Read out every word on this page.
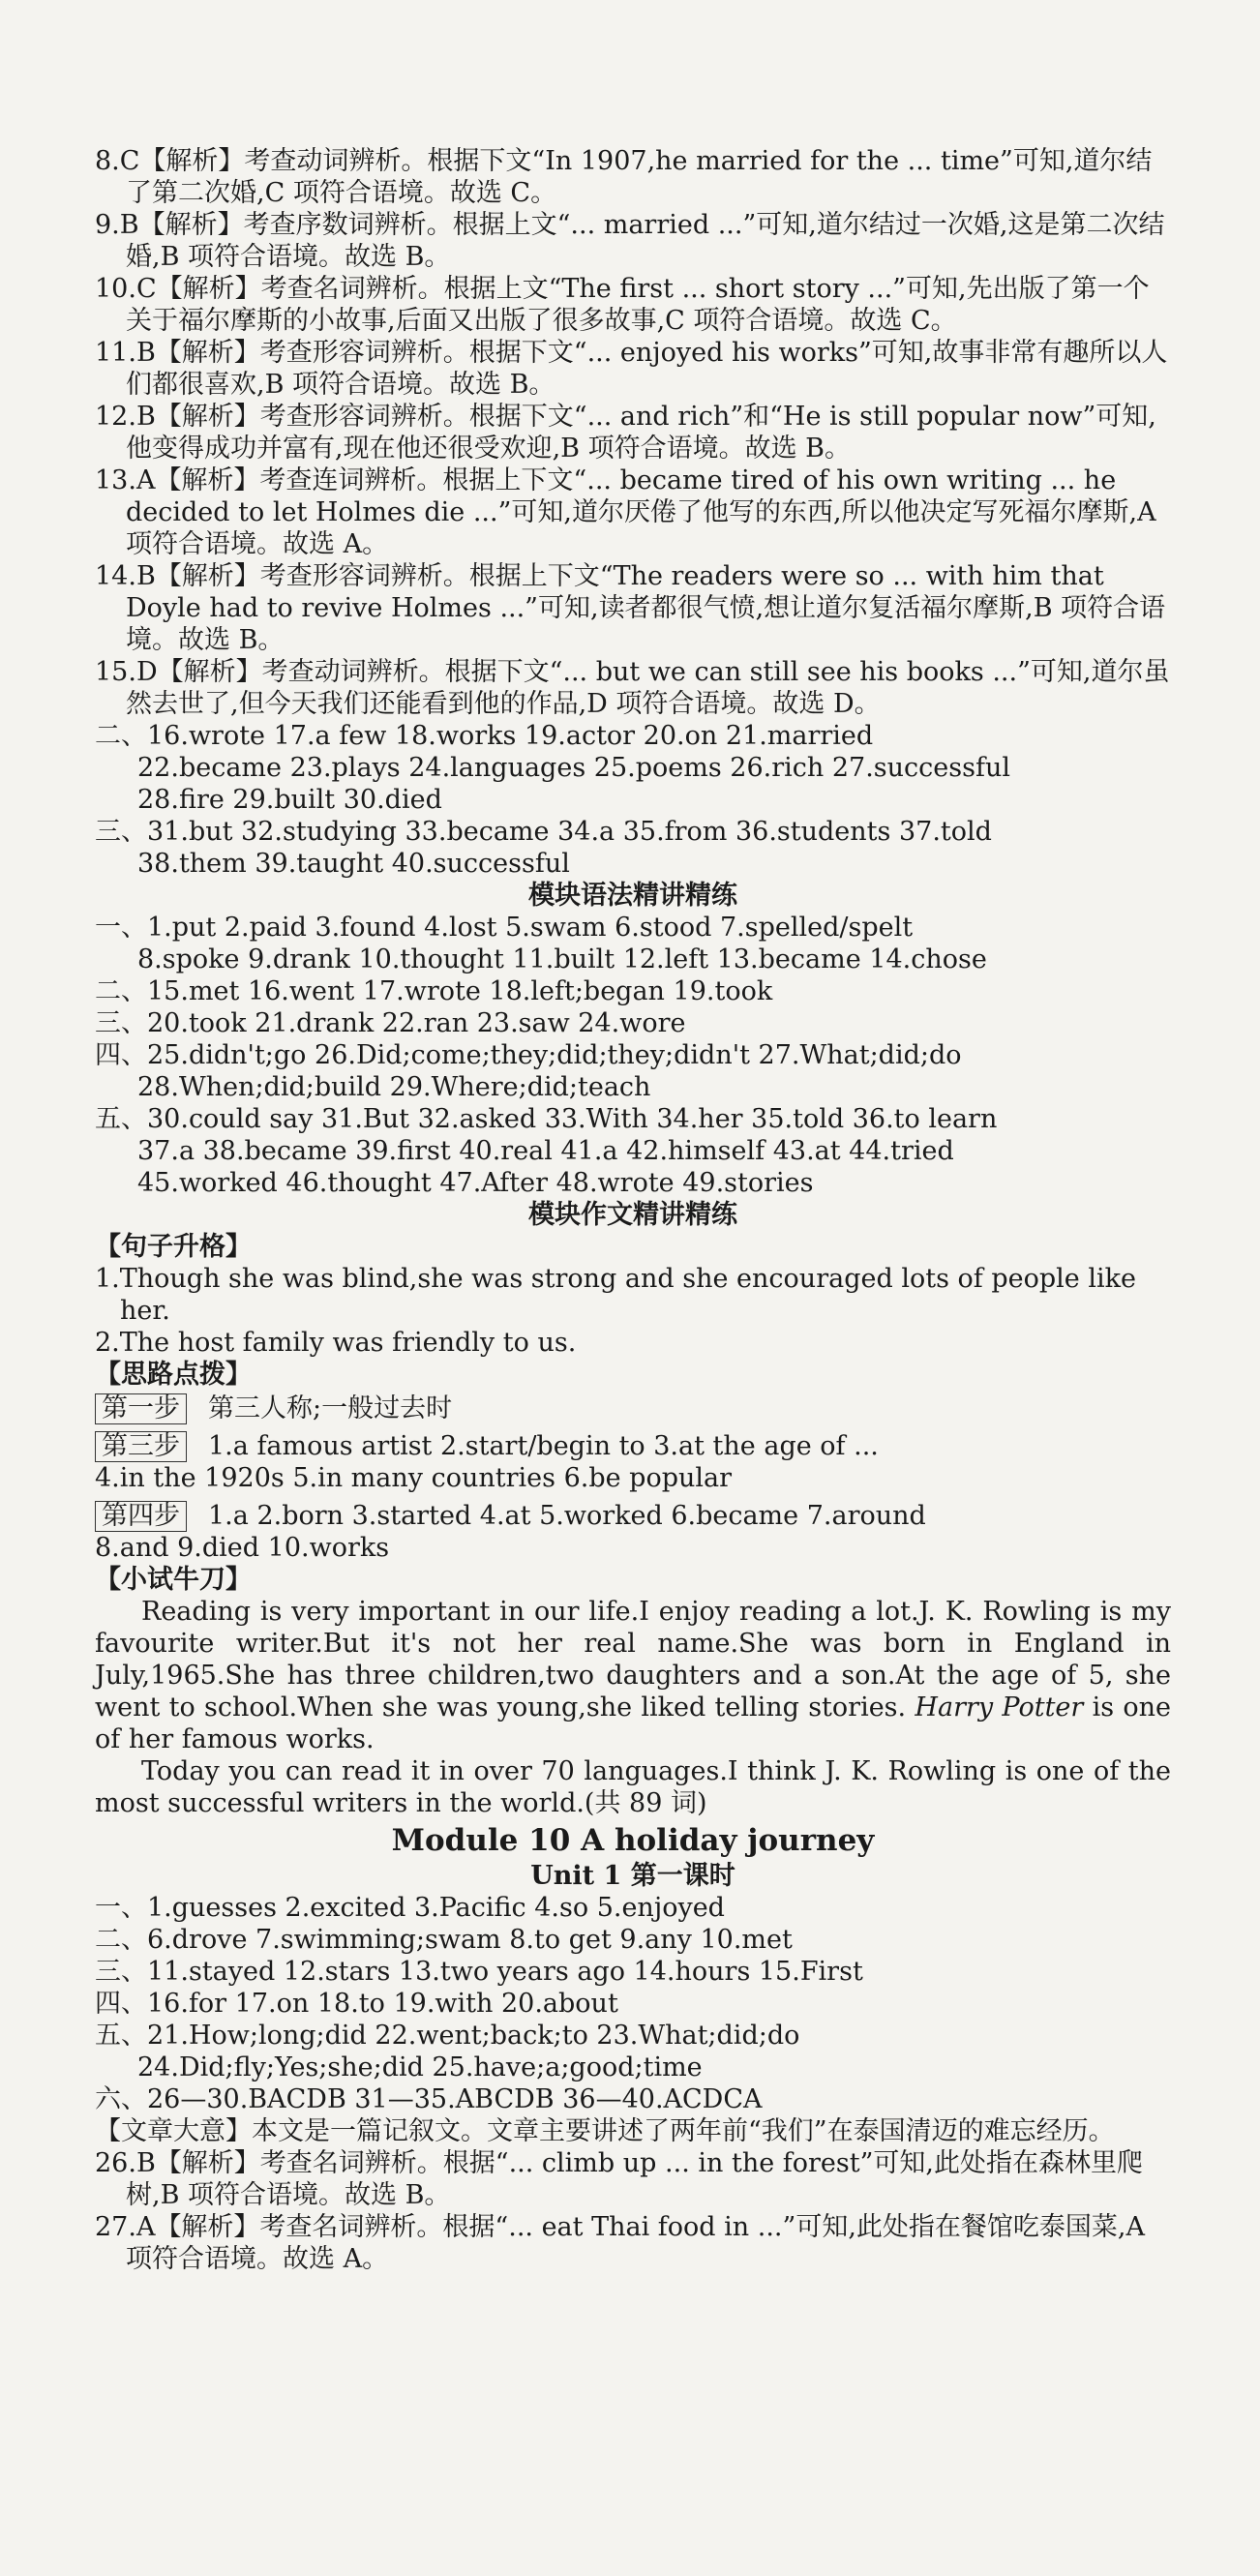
8.C【解析】考查动词辨析。根据下文“In 1907,he married for the ... time”可知,道尔结了第二次婚,C 项符合语境。故选 C。

9.B【解析】考查序数词辨析。根据上文“... married ...”可知,道尔结过一次婚,这是第二次结婚,B 项符合语境。故选 B。

10.C【解析】考查名词辨析。根据上文“The first ... short story ...”可知,先出版了第一个关于福尔摩斯的小故事,后面又出版了很多故事,C 项符合语境。故选 C。

11.B【解析】考查形容词辨析。根据下文“... enjoyed his works”可知,故事非常有趣所以人们都很喜欢,B 项符合语境。故选 B。

12.B【解析】考查形容词辨析。根据下文“... and rich”和“He is still popular now”可知,他变得成功并富有,现在他还很受欢迎,B 项符合语境。故选 B。

13.A【解析】考查连词辨析。根据上下文“... became tired of his own writing ... he decided to let Holmes die ...”可知,道尔厌倦了他写的东西,所以他决定写死福尔摩斯,A 项符合语境。故选 A。

14.B【解析】考查形容词辨析。根据上下文“The readers were so ... with him that Doyle had to revive Holmes ...”可知,读者都很气愤,想让道尔复活福尔摩斯,B 项符合语境。故选 B。

15.D【解析】考查动词辨析。根据下文“... but we can still see his books ...”可知,道尔虽然去世了,但今天我们还能看到他的作品,D 项符合语境。故选 D。

二、16.wrote 17.a few 18.works 19.actor 20.on 21.married
22.became 23.plays 24.languages 25.poems 26.rich 27.successful
28.fire 29.built 30.died
三、31.but 32.studying 33.became 34.a 35.from 36.students 37.told
38.them 39.taught 40.successful
模块语法精讲精练
一、1.put 2.paid 3.found 4.lost 5.swam 6.stood 7.spelled/spelt
8.spoke 9.drank 10.thought 11.built 12.left 13.became 14.chose
二、15.met 16.went 17.wrote 18.left;began 19.took
三、20.took 21.drank 22.ran 23.saw 24.wore
四、25.didn't;go 26.Did;come;they;did;they;didn't 27.What;did;do
28.When;did;build 29.Where;did;teach
五、30.could say 31.But 32.asked 33.With 34.her 35.told 36.to learn
37.a 38.became 39.first 40.real 41.a 42.himself 43.at 44.tried
45.worked 46.thought 47.After 48.wrote 49.stories
模块作文精讲精练
【句子升格】

1.Though she was blind,she was strong and she encouraged lots of people like her.

2.The host family was friendly to us.

【思路点拨】
第一步 第三人称;一般过去时
第三步 1.a famous artist 2.start/begin to 3.at the age of ...
4.in the 1920s 5.in many countries 6.be popular
第四步 1.a 2.born 3.started 4.at 5.worked 6.became 7.around
8.and 9.died 10.works
【小试牛刀】

Reading is very important in our life.I enjoy reading a lot.J. K. Rowling is my favourite writer.But it's not her real name.She was born in England in July,1965.She has three children,two daughters and a son.At the age of 5, she went to school.When she was young,she liked telling stories. Harry Potter is one of her famous works.

Today you can read it in over 70 languages.I think J. K. Rowling is one of the most successful writers in the world.(共 89 词)

Module 10 A holiday journey
Unit 1 第一课时
一、1.guesses 2.excited 3.Pacific 4.so 5.enjoyed
二、6.drove 7.swimming;swam 8.to get 9.any 10.met
三、11.stayed 12.stars 13.two years ago 14.hours 15.First
四、16.for 17.on 18.to 19.with 20.about
五、21.How;long;did 22.went;back;to 23.What;did;do
24.Did;fly;Yes;she;did 25.have;a;good;time
六、26—30.BACDB 31—35.ABCDB 36—40.ACDCA

【文章大意】本文是一篇记叙文。文章主要讲述了两年前“我们”在泰国清迈的难忘经历。

26.B【解析】考查名词辨析。根据“... climb up ... in the forest”可知,此处指在森林里爬树,B 项符合语境。故选 B。

27.A【解析】考查名词辨析。根据“... eat Thai food in ...”可知,此处指在餐馆吃泰国菜,A 项符合语境。故选 A。
